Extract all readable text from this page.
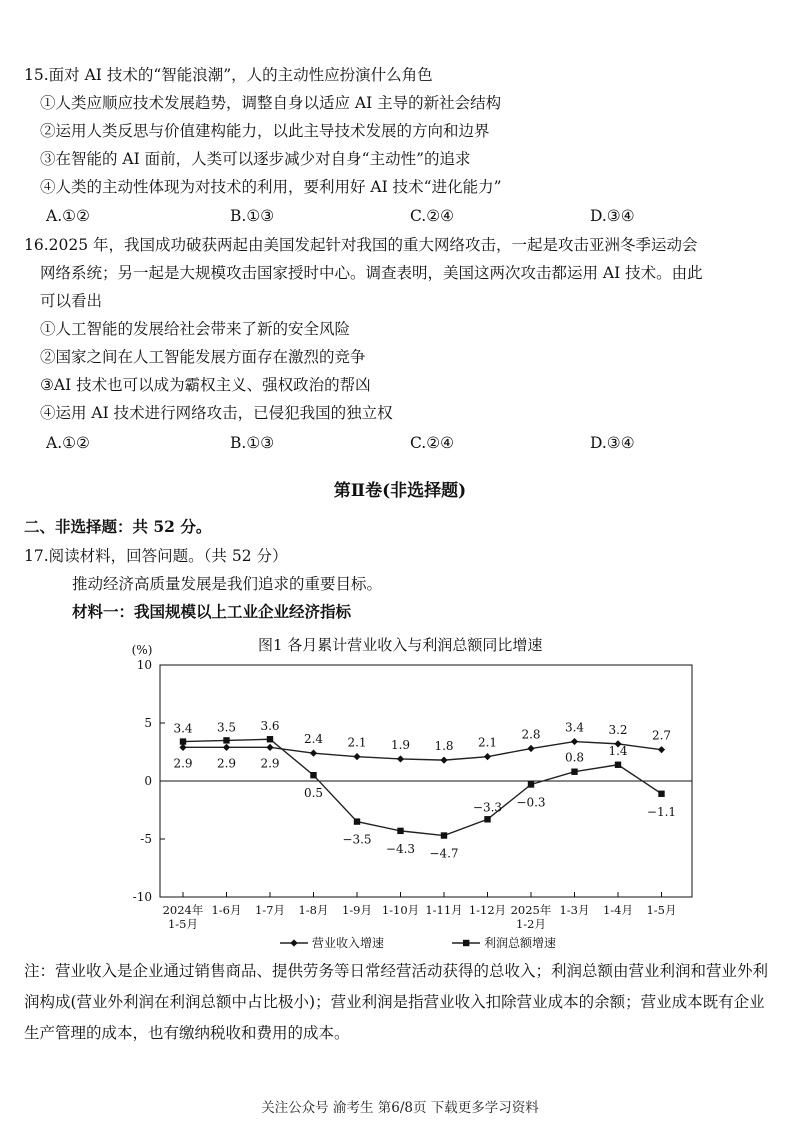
15.面对 AI 技术的“智能浪潮”，人的主动性应扮演什么角色
①人类应顺应技术发展趋势，调整自身以适应 AI 主导的新社会结构
②运用人类反思与价值建构能力，以此主导技术发展的方向和边界
③在智能的 AI 面前，人类可以逐步减少对自身“主动性”的追求
④人类的主动性体现为对技术的利用，要利用好 AI 技术“进化能力”
A.①②	B.①③	C.②④	D.③④
16.2025 年，我国成功破获两起由美国发起针对我国的重大网络攻击，一起是攻击亚洲冬季运动会
网络系统；另一起是大规模攻击国家授时中心。调查表明，美国这两次攻击都运用 AI 技术。由此
可以看出
①人工智能的发展给社会带来了新的安全风险
②国家之间在人工智能发展方面存在激烈的竞争
③AI 技术也可以成为霸权主义、强权政治的帮凶
④运用 AI 技术进行网络攻击，已侵犯我国的独立权
A.①②	B.①③	C.②④	D.③④
第Ⅱ卷(非选择题)
二、非选择题：共 52 分。
17.阅读材料，回答问题。（共 52 分）
推动经济高质量发展是我们追求的重要目标。
材料一：我国规模以上工业企业经济指标
图1 各月累计营业收入与利润总额同比增速
(%)
10
5
0
-5
-10
2024年
1-5月
1-6月 1-7月 1-8月 1-9月 1-10月 1-11月 1-12月 2025年
1-2月
1-3月 1-4月 1-5月
2.9 2.9 2.9
2.4 2.1 1.9 1.8 2.1
2.8 3.4 3.2 2.7
3.4 3.5 3.6
0.5
−3.5
−4.3 −4.7
−3.3 −0.3
0.8 1.4
−1.1
营业收入增速	利润总额增速
注：营业收入是企业通过销售商品、提供劳务等日常经营活动获得的总收入；利润总额由营业利润和营业外利润构成(营业外利润在利润总额中占比极小)；营业利润是指营业收入扣除营业成本的余额；营业成本既有企业生产管理的成本，也有缴纳税收和费用的成本。
关注公众号 渝考生 第6/8页 下载更多学习资料
